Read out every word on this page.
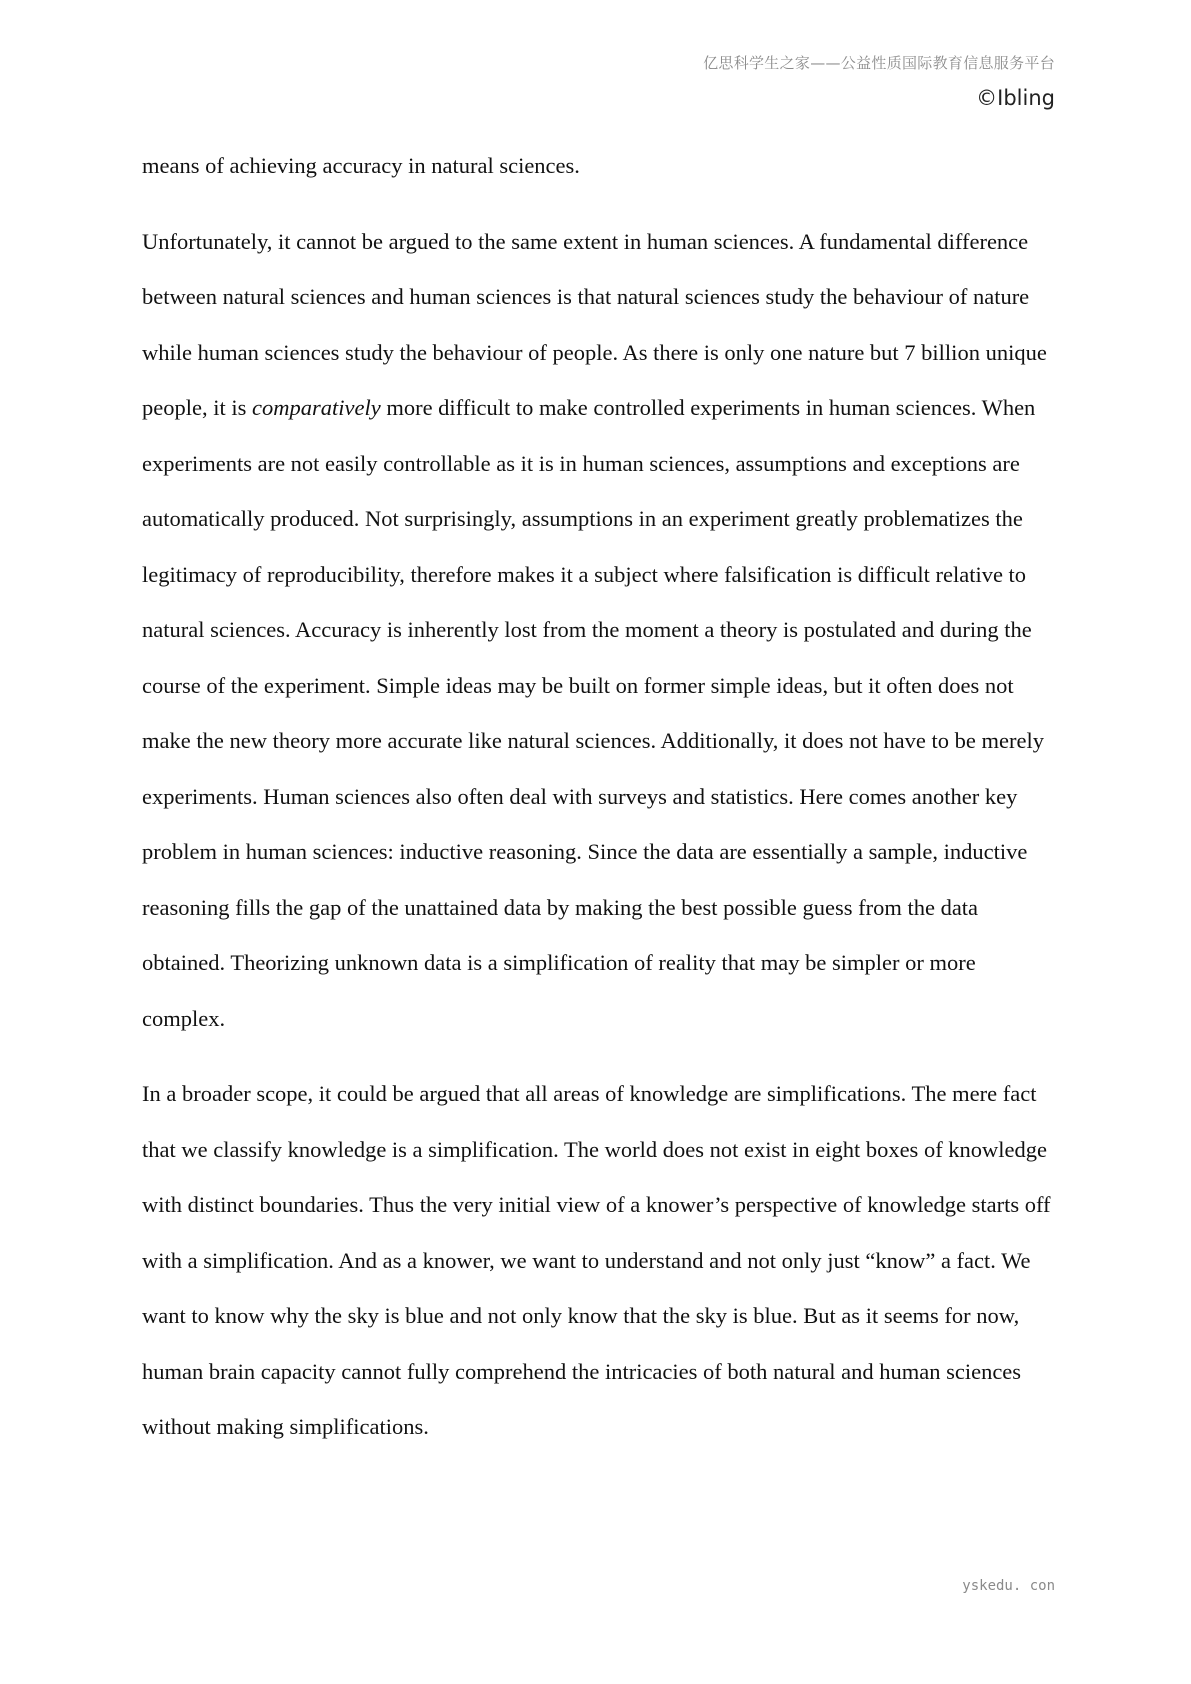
亿思科学生之家——公益性质国际教育信息服务平台
©Ibling

means of achieving accuracy in natural sciences.

Unfortunately, it cannot be argued to the same extent in human sciences. A fundamental difference between natural sciences and human sciences is that natural sciences study the behaviour of nature while human sciences study the behaviour of people. As there is only one nature but 7 billion unique people, it is comparatively more difficult to make controlled experiments in human sciences. When experiments are not easily controllable as it is in human sciences, assumptions and exceptions are automatically produced. Not surprisingly, assumptions in an experiment greatly problematizes the legitimacy of reproducibility, therefore makes it a subject where falsification is difficult relative to natural sciences. Accuracy is inherently lost from the moment a theory is postulated and during the course of the experiment. Simple ideas may be built on former simple ideas, but it often does not make the new theory more accurate like natural sciences. Additionally, it does not have to be merely experiments. Human sciences also often deal with surveys and statistics. Here comes another key problem in human sciences: inductive reasoning. Since the data are essentially a sample, inductive reasoning fills the gap of the unattained data by making the best possible guess from the data obtained. Theorizing unknown data is a simplification of reality that may be simpler or more complex.

In a broader scope, it could be argued that all areas of knowledge are simplifications. The mere fact that we classify knowledge is a simplification. The world does not exist in eight boxes of knowledge with distinct boundaries. Thus the very initial view of a knower’s perspective of knowledge starts off with a simplification. And as a knower, we want to understand and not only just “know” a fact. We want to know why the sky is blue and not only know that the sky is blue. But as it seems for now, human brain capacity cannot fully comprehend the intricacies of both natural and human sciences without making simplifications.

yskedu. con
